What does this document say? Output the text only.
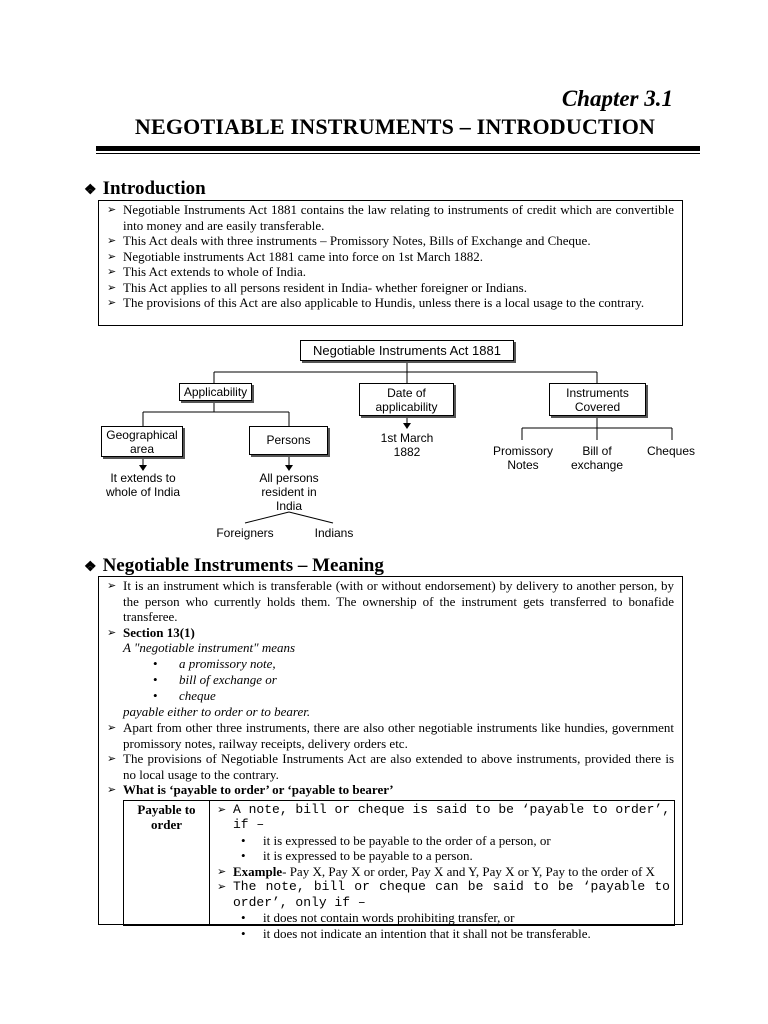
Chapter 3.1
NEGOTIABLE INSTRUMENTS – INTRODUCTION
❖ Introduction
➢ Negotiable Instruments Act 1881 contains the law relating to instruments of credit which are convertible into money and are easily transferable.
➢ This Act deals with three instruments – Promissory Notes, Bills of Exchange and Cheque.
➢ Negotiable instruments Act 1881 came into force on 1st March 1882.
➢ This Act extends to whole of India.
➢ This Act applies to all persons resident in India- whether foreigner or Indians.
➢ The provisions of this Act are also applicable to Hundis, unless there is a local usage to the contrary.
Negotiable Instruments Act 1881
Applicability	Date of applicability
Instruments Covered
Geographical area
Persons
It extends to whole of India
All persons resident in India
1st March 1882	Promissory Notes
Bill of exchange
Cheques
Foreigners	Indians
❖ Negotiable Instruments – Meaning
➢ It is an instrument which is transferable (with or without endorsement) by delivery to another person, by the person who currently holds them. The ownership of the instrument gets transferred to bonafide transferee.
➢ Section 13(1)
A "negotiable instrument" means
• a promissory note,
• bill of exchange or
• cheque
payable either to order or to bearer.
➢ Apart from other three instruments, there are also other negotiable instruments like hundies, government promissory notes, railway receipts, delivery orders etc.
➢ The provisions of Negotiable Instruments Act are also extended to above instruments, provided there is no local usage to the contrary.
➢ What is ‘payable to order’ or ‘payable to bearer’
Payable to order
➢ A note, bill or cheque is said to be ‘payable to order’, if –
• it is expressed to be payable to the order of a person, or
• it is expressed to be payable to a person.
➢ Example- Pay X, Pay X or order, Pay X and Y, Pay X or Y, Pay to the order of X
➢ The note, bill or cheque can be said to be ‘payable to order’, only if –
• it does not contain words prohibiting transfer, or
• it does not indicate an intention that it shall not be transferable.
